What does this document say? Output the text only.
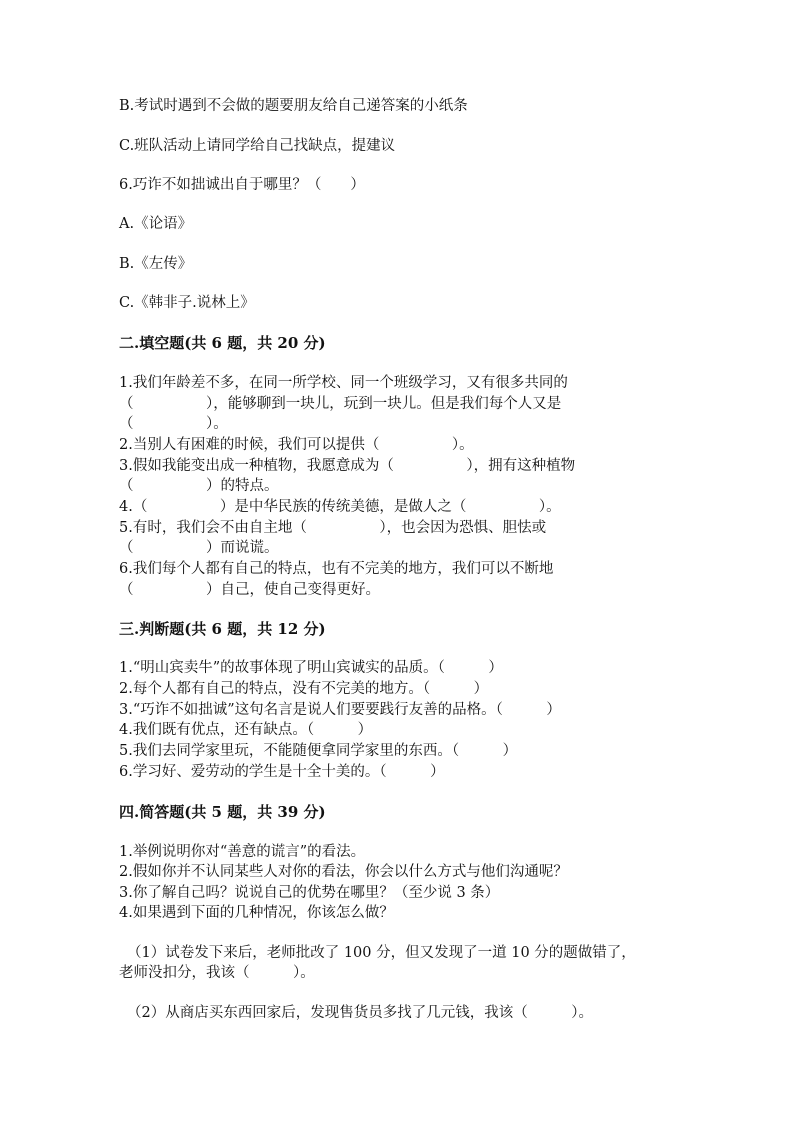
B.考试时遇到不会做的题要朋友给自己递答案的小纸条
C.班队活动上请同学给自己找缺点，提建议
6.巧诈不如拙诚出自于哪里？（　　）
A.《论语》
B.《左传》
C.《韩非子.说林上》
二.填空题(共 6 题，共 20 分)
1.我们年龄差不多，在同一所学校、同一个班级学习，又有很多共同的
（　　　　　），能够聊到一块儿，玩到一块儿。但是我们每个人又是
（　　　　　）。
2.当别人有困难的时候，我们可以提供（　　　　　）。
3.假如我能变出成一种植物，我愿意成为（　　　　　），拥有这种植物
（　　　　　）的特点。
4.（　　　　　）是中华民族的传统美德，是做人之（　　　　　）。
5.有时，我们会不由自主地（　　　　　），也会因为恐惧、胆怯或
（　　　　　）而说谎。
6.我们每个人都有自己的特点，也有不完美的地方，我们可以不断地
（　　　　　）自己，使自己变得更好。
三.判断题(共 6 题，共 12 分)
1.“明山宾卖牛”的故事体现了明山宾诚实的品质。（　　　）
2.每个人都有自己的特点，没有不完美的地方。（　　　）
3.“巧诈不如拙诚”这句名言是说人们要要践行友善的品格。（　　　）
4.我们既有优点，还有缺点。（　　　）
5.我们去同学家里玩，不能随便拿同学家里的东西。（　　　）
6.学习好、爱劳动的学生是十全十美的。（　　　）
四.简答题(共 5 题，共 39 分)
1.举例说明你对“善意的谎言”的看法。
2.假如你并不认同某些人对你的看法，你会以什么方式与他们沟通呢？
3.你了解自己吗？说说自己的优势在哪里？（至少说 3 条）
4.如果遇到下面的几种情况，你该怎么做？
（1）试卷发下来后，老师批改了 100 分，但又发现了一道 10 分的题做错了，
老师没扣分，我该（　　　）。
（2）从商店买东西回家后，发现售货员多找了几元钱，我该（　　　）。
